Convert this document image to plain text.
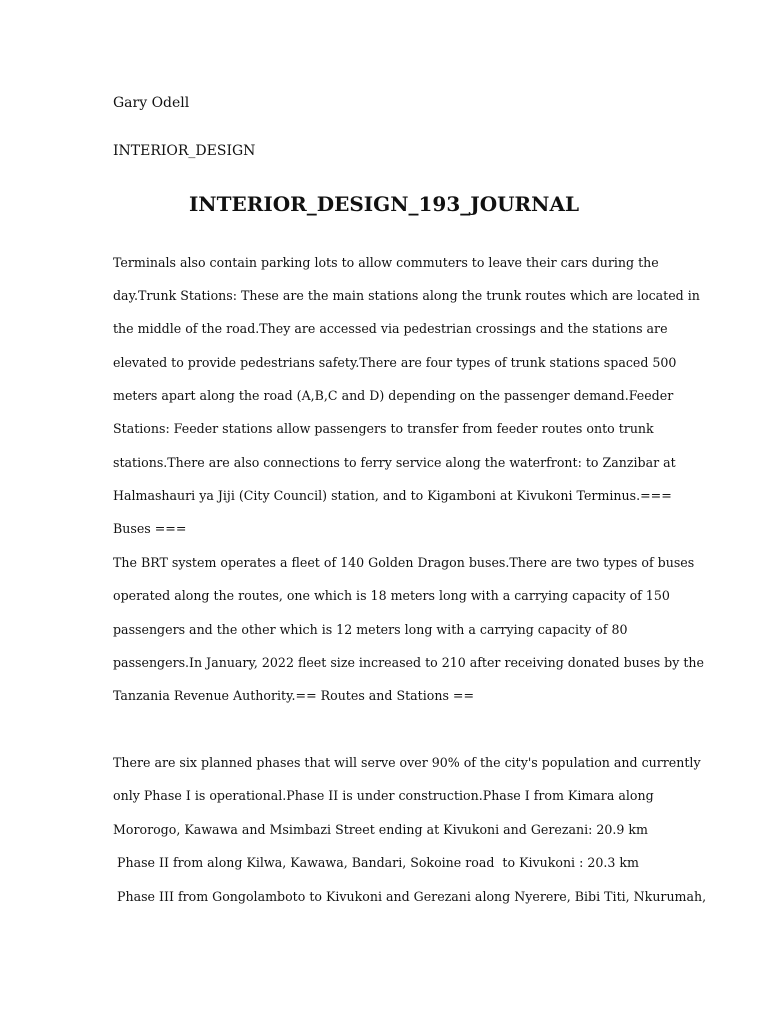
Gary Odell
INTERIOR_DESIGN
INTERIOR_DESIGN_193_JOURNAL
Terminals also contain parking lots to allow commuters to leave their cars during the
day.Trunk Stations: These are the main stations along the trunk routes which are located in
the middle of the road.They are accessed via pedestrian crossings and the stations are
elevated to provide pedestrians safety.There are four types of trunk stations spaced 500
meters apart along the road (A,B,C and D) depending on the passenger demand.Feeder
Stations: Feeder stations allow passengers to transfer from feeder routes onto trunk
stations.There are also connections to ferry service along the waterfront: to Zanzibar at
Halmashauri ya Jiji (City Council) station, and to Kigamboni at Kivukoni Terminus.===
Buses ===
The BRT system operates a fleet of 140 Golden Dragon buses.There are two types of buses
operated along the routes, one which is 18 meters long with a carrying capacity of 150
passengers and the other which is 12 meters long with a carrying capacity of 80
passengers.In January, 2022 fleet size increased to 210 after receiving donated buses by the
Tanzania Revenue Authority.== Routes and Stations ==
There are six planned phases that will serve over 90% of the city's population and currently
only Phase I is operational.Phase II is under construction.Phase I from Kimara along
Mororogo, Kawawa and Msimbazi Street ending at Kivukoni and Gerezani: 20.9 km
Phase II from along Kilwa, Kawawa, Bandari, Sokoine road  to Kivukoni : 20.3 km
Phase III from Gongolamboto to Kivukoni and Gerezani along Nyerere, Bibi Titi, Nkurumah,
